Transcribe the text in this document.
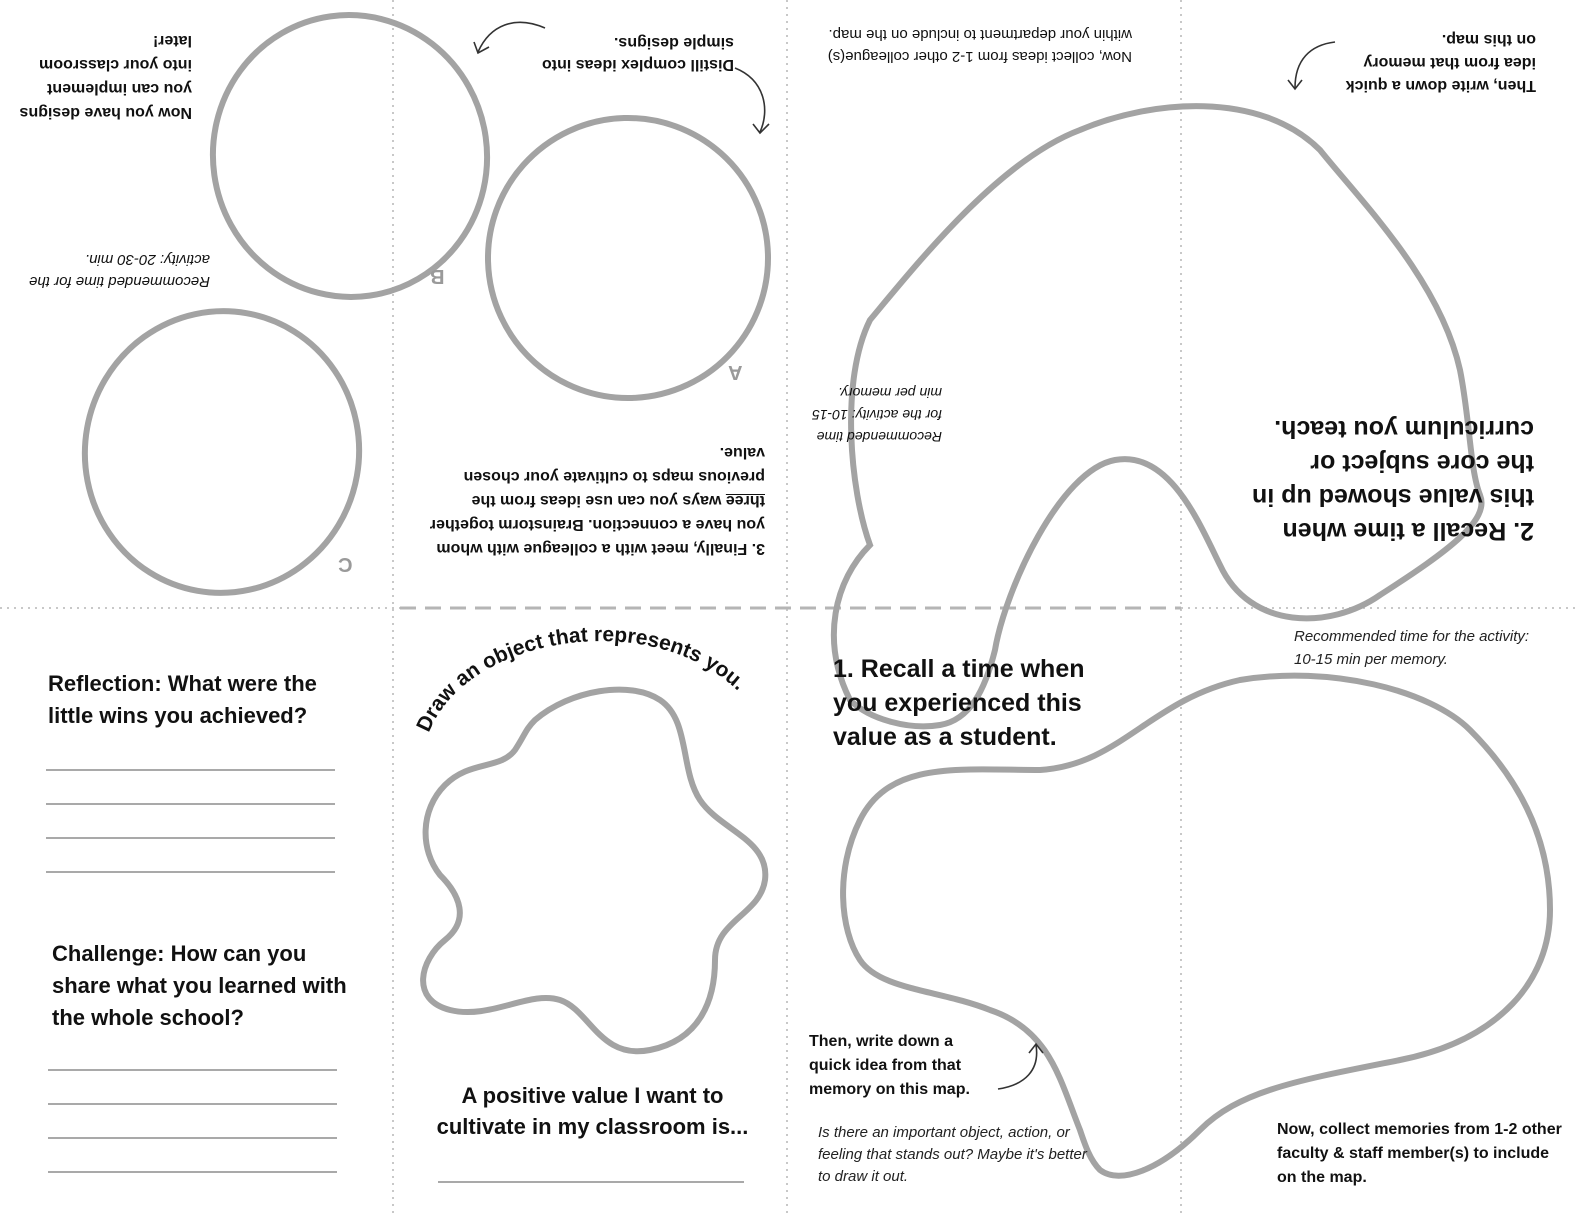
Draw an object that represents you.
Now you have designs you can implement into your classroom later!
Recommended time for the activity: 20-30 min.
B
C
Distill complex ideas into simple designs.
A
3. Finally, meet with a colleague with whom you have a connection. Brainstorm together three ways you can use ideas from the previous maps to cultivate your chosen value.
Now, collect ideas from 1-2 other colleague(s) within your department to include on the map.
Recommended time for the activity: 10-15 min per memory.
Then, write down a quick idea from that memory on this map.
2. Recall a time when this value showed up in the core subject or curriculum you teach.
Reflection: What were the little wins you achieved?
Challenge: How can you share what you learned with the whole school?
A positive value I want to cultivate in my classroom is...
1. Recall a time when you experienced this value as a student.
Then, write down a quick idea from that memory on this map.
Is there an important object, action, or feeling that stands out? Maybe it's better to draw it out.
Recommended time for the activity: 10-15 min per memory.
Now, collect memories from 1-2 other faculty & staff member(s) to include on the map.
